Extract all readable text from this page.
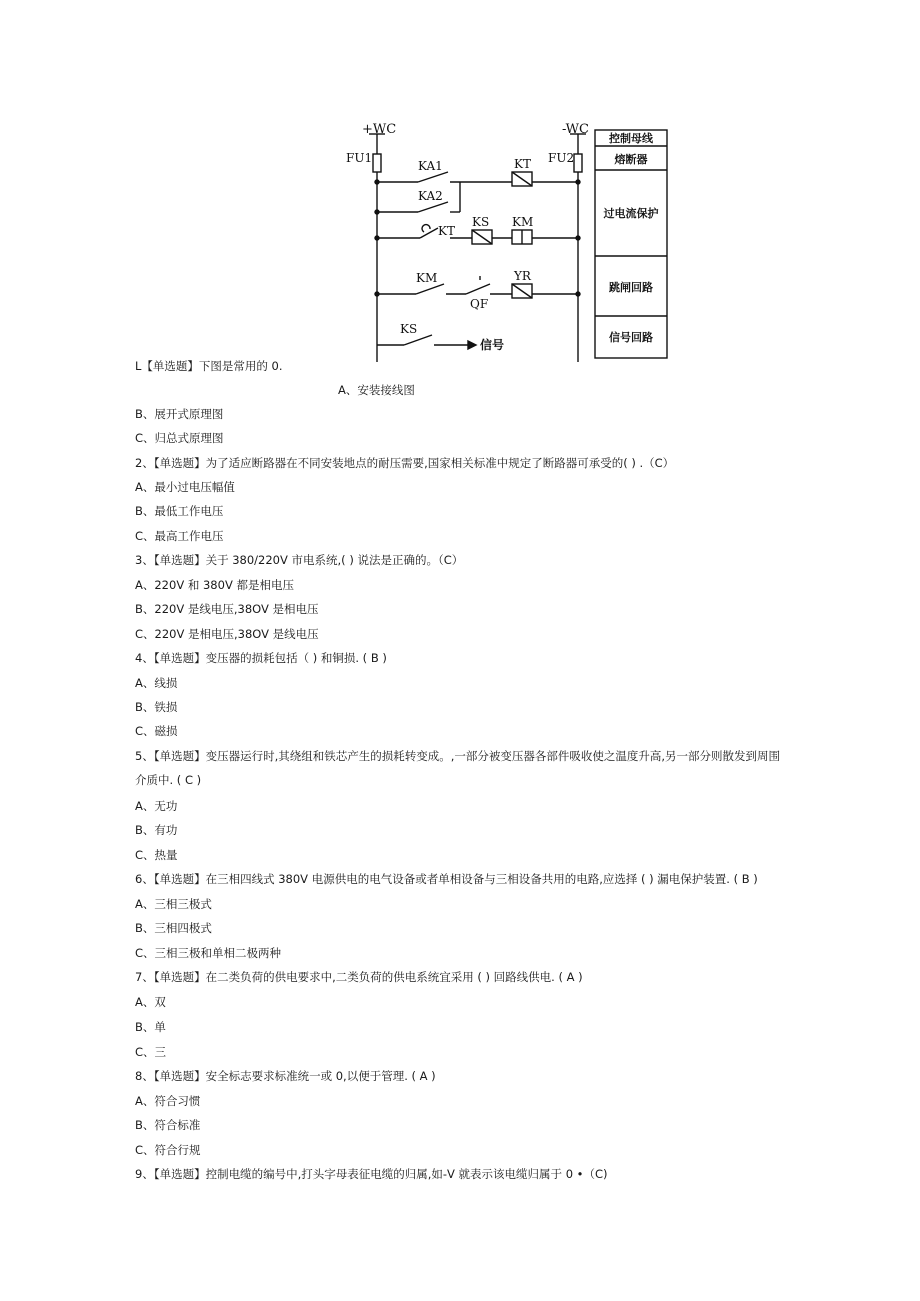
+WC	-WC
FU1	FU2
KA1
KA2
KT
KT
KS KM
KM
QF
YR
KS
信号
控制母线
熔断器
过电流保护
跳闸回路
信号回路
L【单选题】下图是常用的 0.
A、安装接线图
B、展开式原理图
C、归总式原理图
2、【单选题】为了适应断路器在不同安装地点的耐压需要,国家相关标准中规定了断路器可承受的( ) .（C）
A、最小过电压幅值
B、最低工作电压
C、最高工作电压
3、【单选题】关于 380/220V 市电系统,( ) 说法是正确的。（C）
A、220V 和 380V 都是相电压
B、220V 是线电压,38OV 是相电压
C、220V 是相电压,38OV 是线电压
4、【单选题】变压器的损耗包括（ ) 和铜损. ( B )
A、线损
B、铁损
C、磁损
5、【单选题】变压器运行时,其绕组和铁芯产生的损耗转变成。,一部分被变压器各部件吸收使之温度升高,另一部分则散发到周围介质中. ( C )
A、无功
B、有功
C、热量
6、【单选题】在三相四线式 380V 电源供电的电气设备或者单相设备与三相设备共用的电路,应选择 ( ) 漏电保护装置. ( B )
A、三相三极式
B、三相四极式
C、三相三极和单相二极两种
7、【单选题】在二类负荷的供电要求中,二类负荷的供电系统宜采用 ( ) 回路线供电. ( A )
A、双
B、单
C、三
8、【单选题】安全标志要求标准统一或 0,以便于管理. ( A )
A、符合习惯
B、符合标准
C、符合行规
9、【单选题】控制电缆的编号中,打头字母表征电缆的归属,如-V 就表示该电缆归属于 0 •（C)
